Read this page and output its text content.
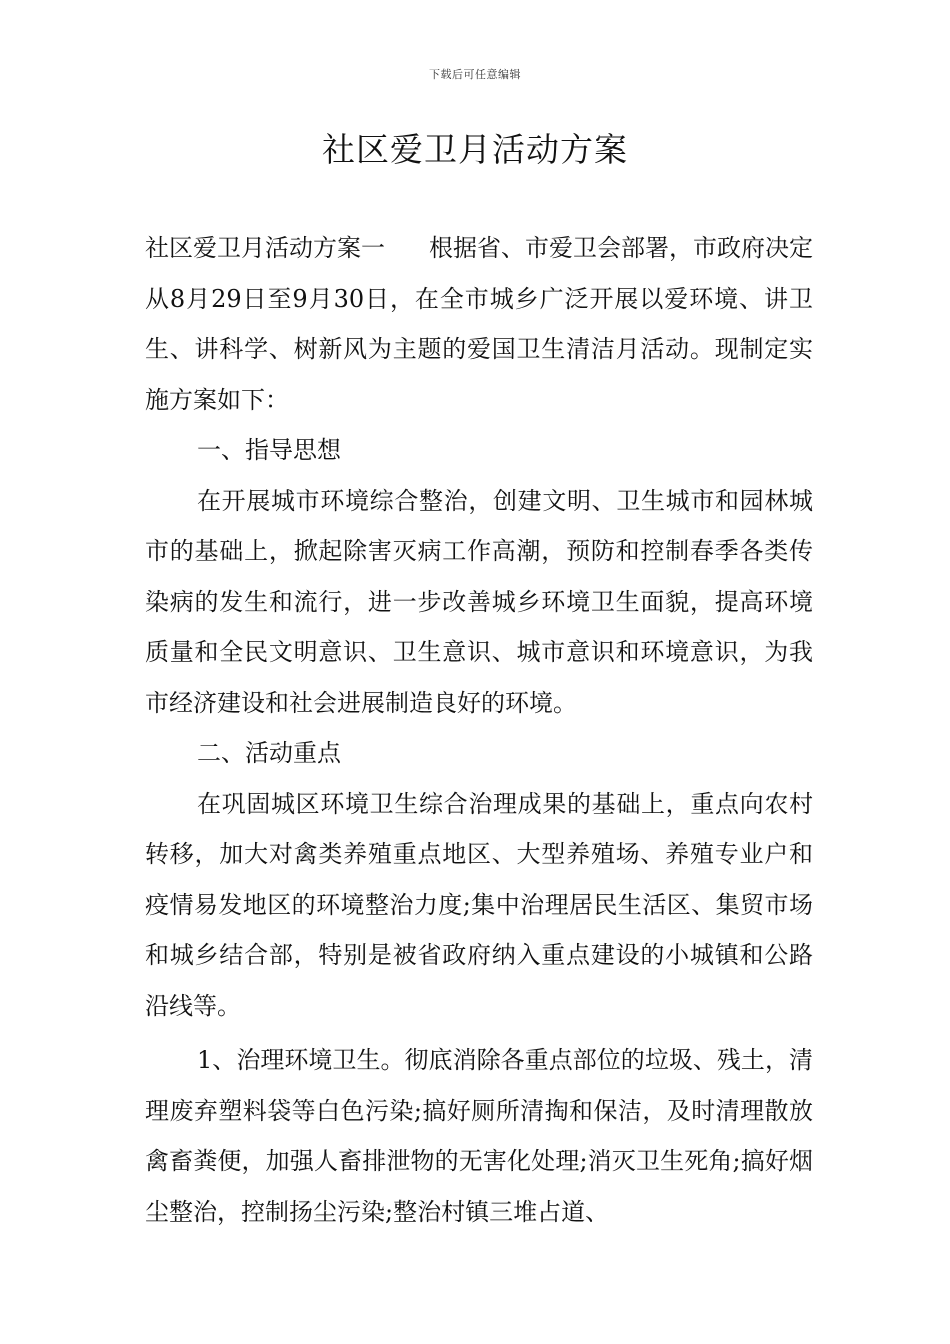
下载后可任意编辑
社区爱卫月活动方案

社区爱卫月活动方案一 根据省、市爱卫会部署，市政府决定从8月29日至9月30日，在全市城乡广泛开展以爱环境、讲卫生、讲科学、树新风为主题的爱国卫生清洁月活动。现制定实施方案如下：

一、指导思想

在开展城市环境综合整治，创建文明、卫生城市和园林城市的基础上，掀起除害灭病工作高潮，预防和控制春季各类传染病的发生和流行，进一步改善城乡环境卫生面貌，提高环境质量和全民文明意识、卫生意识、城市意识和环境意识，为我市经济建设和社会进展制造良好的环境。

二、活动重点

在巩固城区环境卫生综合治理成果的基础上，重点向农村转移，加大对禽类养殖重点地区、大型养殖场、养殖专业户和疫情易发地区的环境整治力度;集中治理居民生活区、集贸市场和城乡结合部，特别是被省政府纳入重点建设的小城镇和公路沿线等。

1、治理环境卫生。彻底消除各重点部位的垃圾、残土，清理废弃塑料袋等白色污染;搞好厕所清掏和保洁，及时清理散放禽畜粪便，加强人畜排泄物的无害化处理;消灭卫生死角;搞好烟尘整治，控制扬尘污染;整治村镇三堆占道、
